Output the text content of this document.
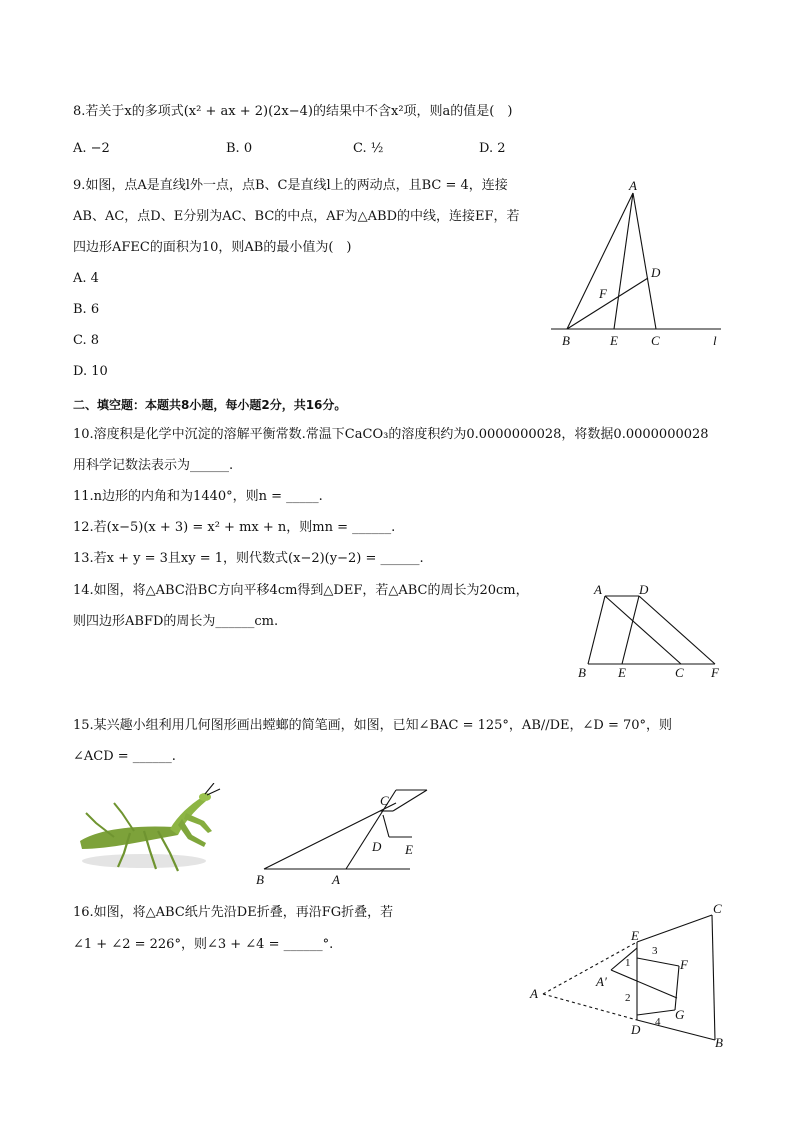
8.若关于x的多项式(x² + ax + 2)(2x−4)的结果中不含x²项，则a的值是(　)
A. −2	B. 0	C. ½	D. 2
9.如图，点A是直线l外一点，点B、C是直线l上的两动点，且BC = 4，连接
AB、AC，点D、E分别为AC、BC的中点，AF为△ABD的中线，连接EF，若
四边形AFEC的面积为10，则AB的最小值为(　)
A. 4
B. 6
C. 8
D. 10
A
B	E	C	l
D
F
二、填空题：本题共8小题，每小题2分，共16分。
10.溶度积是化学中沉淀的溶解平衡常数.常温下CaCO₃的溶度积约为0.0000000028，将数据0.0000000028
用科学记数法表示为______.
11.n边形的内角和为1440°，则n = _____.
12.若(x−5)(x + 3) = x² + mx + n，则mn = ______.
13.若x + y = 3且xy = 1，则代数式(x−2)(y−2) = ______.
14.如图，将△ABC沿BC方向平移4cm得到△DEF，若△ABC的周长为20cm，
则四边形ABFD的周长为______cm.
A	D
B E	C F
15.某兴趣小组利用几何图形画出螳螂的简笔画，如图，已知∠BAC = 125°，AB//DE，∠D = 70°，则
∠ACD = ______.
C
D E
B	A
16.如图，将△ABC纸片先沿DE折叠，再沿FG折叠，若
∠1 + ∠2 = 226°，则∠3 + ∠4 = ______°.
C
E
F
A′
A
G
D
B
1
2
3
4
